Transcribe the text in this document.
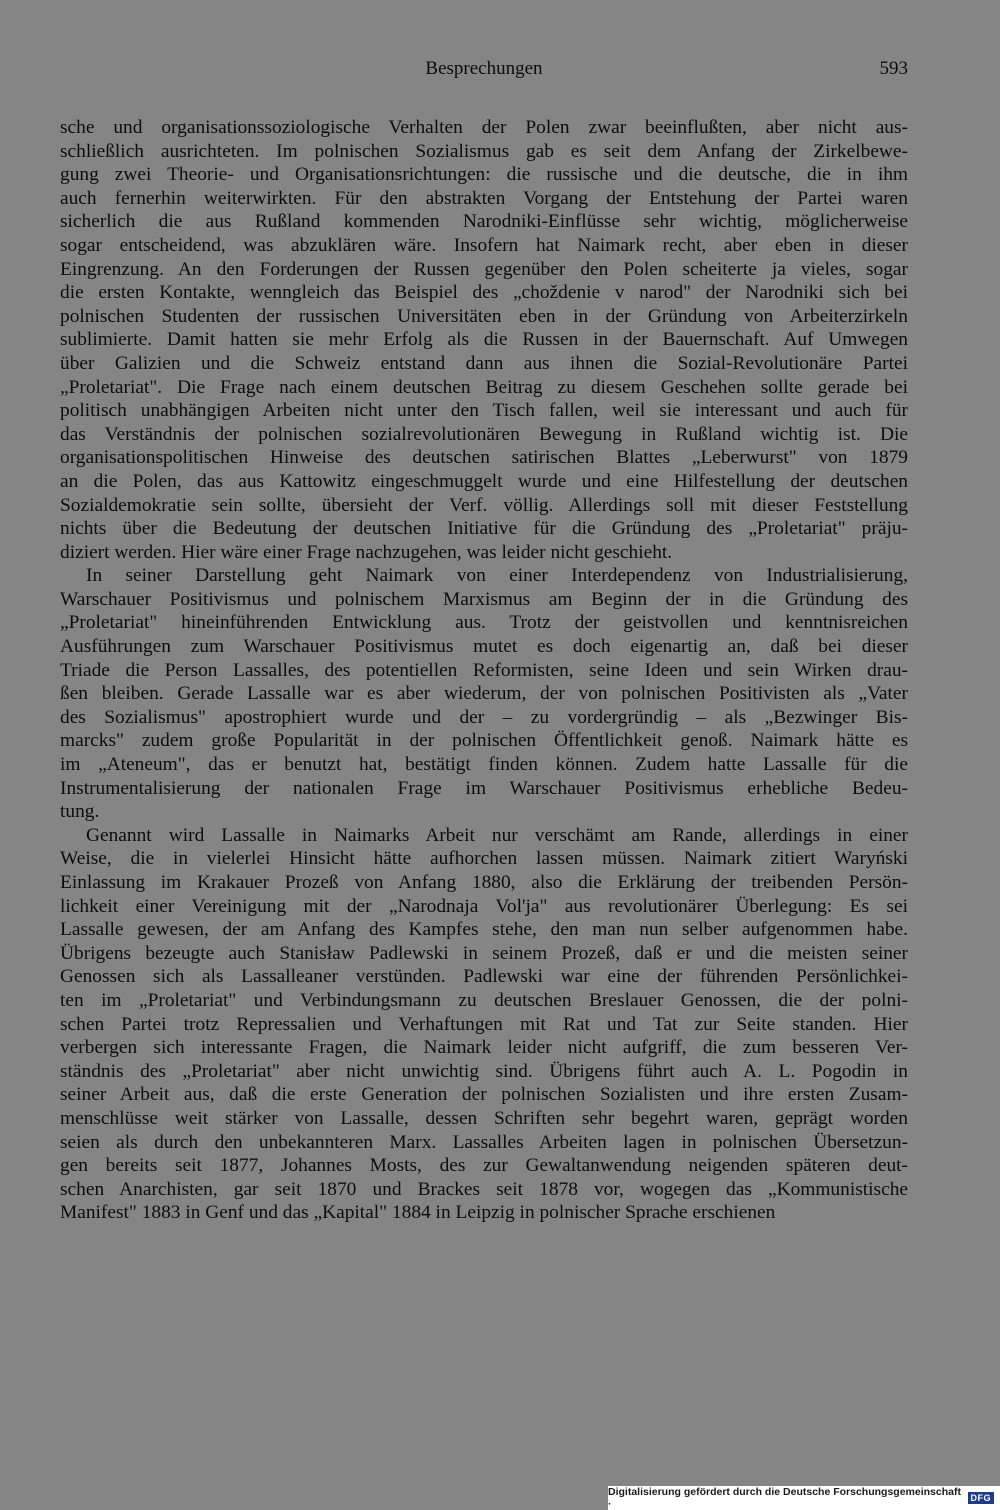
Besprechungen	593
sche und organisationssoziologische Verhalten der Polen zwar beeinflußten, aber nicht aus-
schließlich ausrichteten. Im polnischen Sozialismus gab es seit dem Anfang der Zirkelbewe-
gung zwei Theorie- und Organisationsrichtungen: die russische und die deutsche, die in ihm
auch fernerhin weiterwirkten. Für den abstrakten Vorgang der Entstehung der Partei waren
sicherlich die aus Rußland kommenden Narodniki-Einflüsse sehr wichtig, möglicherweise
sogar entscheidend, was abzuklären wäre. Insofern hat Naimark recht, aber eben in dieser
Eingrenzung. An den Forderungen der Russen gegenüber den Polen scheiterte ja vieles, sogar
die ersten Kontakte, wenngleich das Beispiel des „choždenie v narod" der Narodniki sich bei
polnischen Studenten der russischen Universitäten eben in der Gründung von Arbeiterzirkeln
sublimierte. Damit hatten sie mehr Erfolg als die Russen in der Bauernschaft. Auf Umwegen
über Galizien und die Schweiz entstand dann aus ihnen die Sozial-Revolutionäre Partei
„Proletariat". Die Frage nach einem deutschen Beitrag zu diesem Geschehen sollte gerade bei
politisch unabhängigen Arbeiten nicht unter den Tisch fallen, weil sie interessant und auch für
das Verständnis der polnischen sozialrevolutionären Bewegung in Rußland wichtig ist. Die
organisationspolitischen Hinweise des deutschen satirischen Blattes „Leberwurst" von 1879
an die Polen, das aus Kattowitz eingeschmuggelt wurde und eine Hilfestellung der deutschen
Sozialdemokratie sein sollte, übersieht der Verf. völlig. Allerdings soll mit dieser Feststellung
nichts über die Bedeutung der deutschen Initiative für die Gründung des „Proletariat" präju-
diziert werden. Hier wäre einer Frage nachzugehen, was leider nicht geschieht.
In seiner Darstellung geht Naimark von einer Interdependenz von Industrialisierung,
Warschauer Positivismus und polnischem Marxismus am Beginn der in die Gründung des
„Proletariat" hineinführenden Entwicklung aus. Trotz der geistvollen und kenntnisreichen
Ausführungen zum Warschauer Positivismus mutet es doch eigenartig an, daß bei dieser
Triade die Person Lassalles, des potentiellen Reformisten, seine Ideen und sein Wirken drau-
ßen bleiben. Gerade Lassalle war es aber wiederum, der von polnischen Positivisten als „Vater
des Sozialismus" apostrophiert wurde und der – zu vordergründig – als „Bezwinger Bis-
marcks" zudem große Popularität in der polnischen Öffentlichkeit genoß. Naimark hätte es
im „Ateneum", das er benutzt hat, bestätigt finden können. Zudem hatte Lassalle für die
Instrumentalisierung der nationalen Frage im Warschauer Positivismus erhebliche Bedeu-
tung.
Genannt wird Lassalle in Naimarks Arbeit nur verschämt am Rande, allerdings in einer
Weise, die in vielerlei Hinsicht hätte aufhorchen lassen müssen. Naimark zitiert Waryński
Einlassung im Krakauer Prozeß von Anfang 1880, also die Erklärung der treibenden Persön-
lichkeit einer Vereinigung mit der „Narodnaja Vol'ja" aus revolutionärer Überlegung: Es sei
Lassalle gewesen, der am Anfang des Kampfes stehe, den man nun selber aufgenommen habe.
Übrigens bezeugte auch Stanisław Padlewski in seinem Prozeß, daß er und die meisten seiner
Genossen sich als Lassalleaner verstünden. Padlewski war eine der führenden Persönlichkei-
ten im „Proletariat" und Verbindungsmann zu deutschen Breslauer Genossen, die der polni-
schen Partei trotz Repressalien und Verhaftungen mit Rat und Tat zur Seite standen. Hier
verbergen sich interessante Fragen, die Naimark leider nicht aufgriff, die zum besseren Ver-
ständnis des „Proletariat" aber nicht unwichtig sind. Übrigens führt auch A. L. Pogodin in
seiner Arbeit aus, daß die erste Generation der polnischen Sozialisten und ihre ersten Zusam-
menschlüsse weit stärker von Lassalle, dessen Schriften sehr begehrt waren, geprägt worden
seien als durch den unbekannteren Marx. Lassalles Arbeiten lagen in polnischen Übersetzun-
gen bereits seit 1877, Johannes Mosts, des zur Gewaltanwendung neigenden späteren deut-
schen Anarchisten, gar seit 1870 und Brackes seit 1878 vor, wogegen das „Kommunistische
Manifest" 1883 in Genf und das „Kapital" 1884 in Leipzig in polnischer Sprache erschienen
Digitalisierung gefördert durch die Deutsche Forschungsgemeinschaft ·	DFG
